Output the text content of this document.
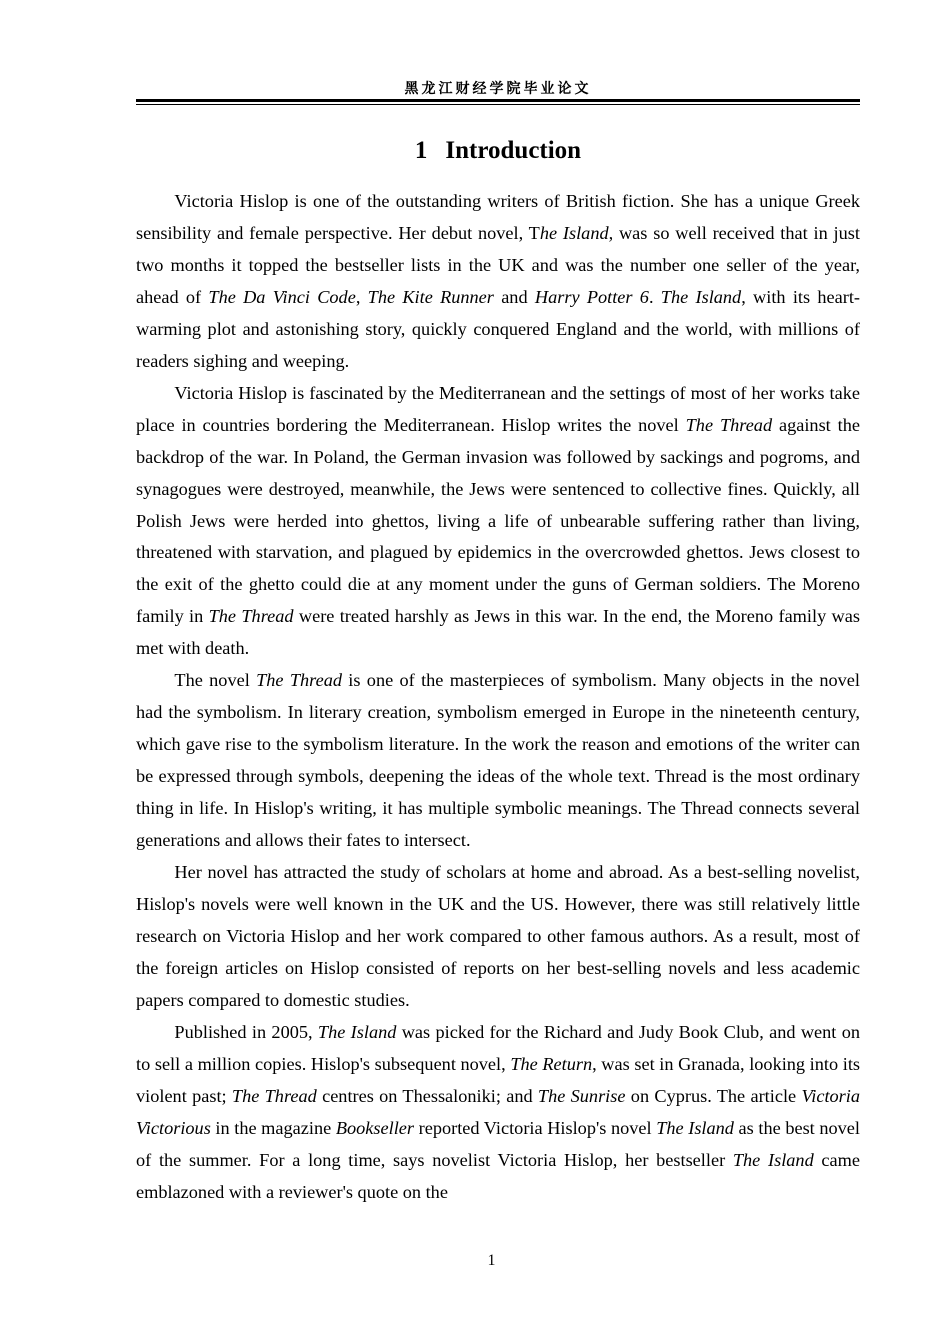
黑龙江财经学院毕业论文
1 Introduction

Victoria Hislop is one of the outstanding writers of British fiction. She has a unique Greek sensibility and female perspective. Her debut novel, The Island, was so well received that in just two months it topped the bestseller lists in the UK and was the number one seller of the year, ahead of The Da Vinci Code, The Kite Runner and Harry Potter 6. The Island, with its heart-warming plot and astonishing story, quickly conquered England and the world, with millions of readers sighing and weeping.

Victoria Hislop is fascinated by the Mediterranean and the settings of most of her works take place in countries bordering the Mediterranean. Hislop writes the novel The Thread against the backdrop of the war. In Poland, the German invasion was followed by sackings and pogroms, and synagogues were destroyed, meanwhile, the Jews were sentenced to collective fines. Quickly, all Polish Jews were herded into ghettos, living a life of unbearable suffering rather than living, threatened with starvation, and plagued by epidemics in the overcrowded ghettos. Jews closest to the exit of the ghetto could die at any moment under the guns of German soldiers. The Moreno family in The Thread were treated harshly as Jews in this war. In the end, the Moreno family was met with death.

The novel The Thread is one of the masterpieces of symbolism. Many objects in the novel had the symbolism. In literary creation, symbolism emerged in Europe in the nineteenth century, which gave rise to the symbolism literature. In the work the reason and emotions of the writer can be expressed through symbols, deepening the ideas of the whole text. Thread is the most ordinary thing in life. In Hislop's writing, it has multiple symbolic meanings. The Thread connects several generations and allows their fates to intersect.

Her novel has attracted the study of scholars at home and abroad. As a best-selling novelist, Hislop's novels were well known in the UK and the US. However, there was still relatively little research on Victoria Hislop and her work compared to other famous authors. As a result, most of the foreign articles on Hislop consisted of reports on her best-selling novels and less academic papers compared to domestic studies.

Published in 2005, The Island was picked for the Richard and Judy Book Club, and went on to sell a million copies. Hislop's subsequent novel, The Return, was set in Granada, looking into its violent past; The Thread centres on Thessaloniki; and The Sunrise on Cyprus. The article Victoria Victorious in the magazine Bookseller reported Victoria Hislop's novel The Island as the best novel of the summer. For a long time, says novelist Victoria Hislop, her bestseller The Island came emblazoned with a reviewer's quote on the

1
